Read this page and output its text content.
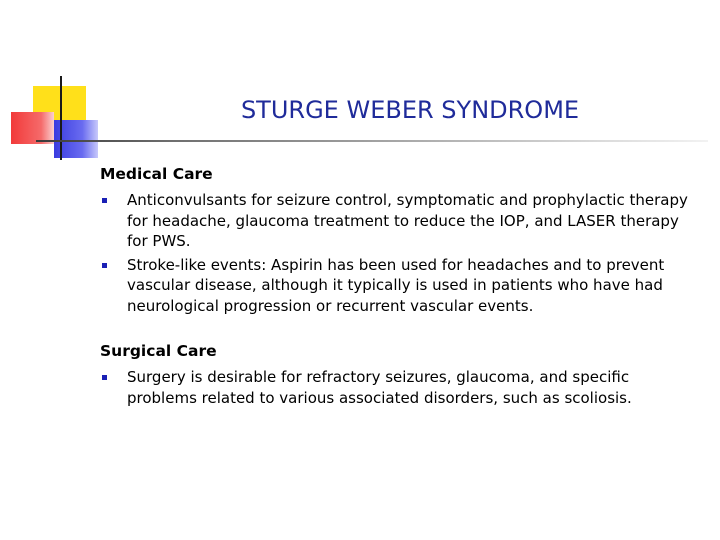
STURGE WEBER SYNDROME
Medical Care
Anticonvulsants for seizure control, symptomatic and prophylactic therapy for headache, glaucoma treatment to reduce the IOP, and LASER therapy for PWS.
Stroke-like events: Aspirin has been used for headaches and to prevent vascular disease, although it typically is used in patients who have had neurological progression or recurrent vascular events.
Surgical Care
Surgery is desirable for refractory seizures, glaucoma, and specific problems related to various associated disorders, such as scoliosis.
